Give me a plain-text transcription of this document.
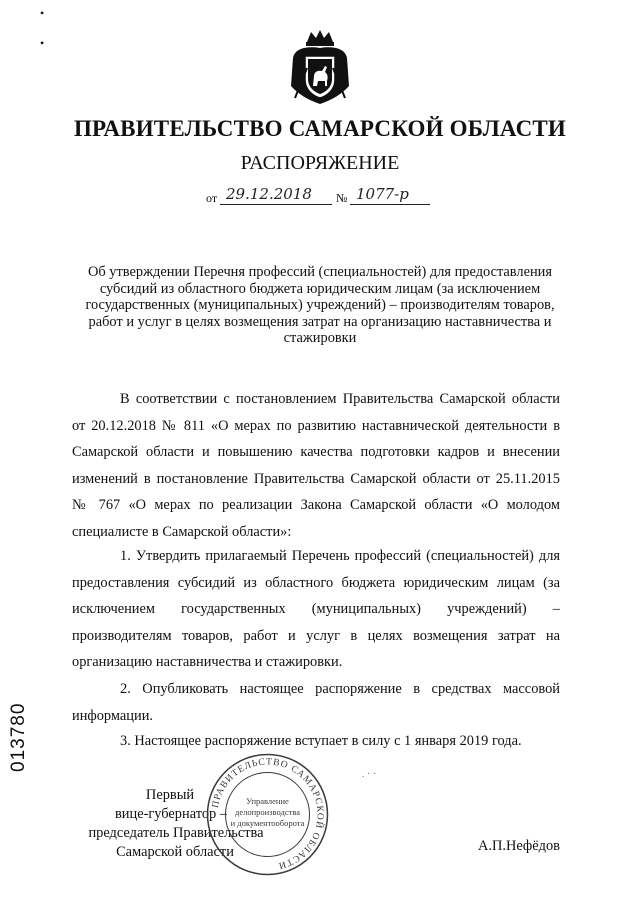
•

•
ПРАВИТЕЛЬСТВО САМАРСКОЙ ОБЛАСТИ
РАСПОРЯЖЕНИЕ
от 29.12.2018 № 1077-р
Об утверждении Перечня профессий (специальностей) для предоставления субсидий из областного бюджета юридическим лицам (за исключением государственных (муниципальных) учреждений) – производителям товаров, работ и услуг в целях возмещения затрат на организацию наставничества и стажировки
В соответствии с постановлением Правительства Самарской области от 20.12.2018 № 811 «О мерах по развитию наставнической деятельности в Самарской области и повышению качества подготовки кадров и внесении изменений в постановление Правительства Самарской области от 25.11.2015 № 767 «О мерах по реализации Закона Самарской области «О молодом специалисте в Самарской области»:
1. Утвердить прилагаемый Перечень профессий (специальностей) для предоставления субсидий из областного бюджета юридическим лицам (за исключением государственных (муниципальных) учреждений) – производителям товаров, работ и услуг в целях возмещения затрат на организацию наставничества и стажировки.
2. Опубликовать настоящее распоряжение в средствах массовой информации.
3. Настоящее распоряжение вступает в силу с 1 января 2019 года.
013780
Первый
вице-губернатор –
председатель Правительства
Самарской области	А.П.Нефёдов
ПРАВИТЕЛЬСТВО САМАРСКОЙ ОБЛАСТИ
Управление
делопроизводства
и документооборота
. · ·
